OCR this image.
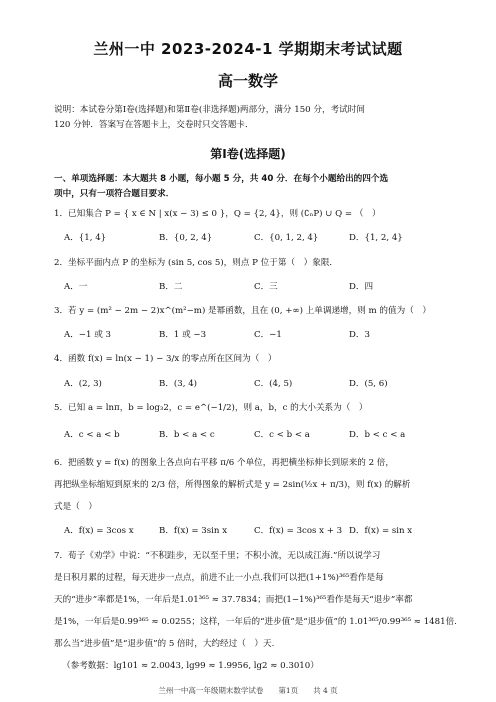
兰州一中 2023-2024-1 学期期末考试试题
高一数学
说明：本试卷分第Ⅰ卷(选择题)和第Ⅱ卷(非选择题)两部分，满分 150 分，考试时间
120 分钟．答案写在答题卡上，交卷时只交答题卡．
第Ⅰ卷(选择题)
一、单项选择题：本大题共 8 小题，每小题 5 分，共 40 分．在每个小题给出的四个选
项中，只有一项符合题目要求．
1．已知集合 P = { x ∈ N | x(x − 3) ≤ 0 }，Q = {2, 4}，则 (∁ₙP) ∪ Q = （　）
A．{1, 4}	B．{0, 2, 4}	C．{0, 1, 2, 4}	D．{1, 2, 4}
2．坐标平面内点 P 的坐标为 (sin 5, cos 5)，则点 P 位于第（　）象限．
A．一	B．二	C．三	D．四
3．若 y = (m² − 2m − 2)x^(m²−m) 是幂函数，且在 (0, +∞) 上单调递增，则 m 的值为（　）
A．−1 或 3	B．1 或 −3	C．−1	D．3
4．函数 f(x) = ln(x − 1) − 3/x 的零点所在区间为（　）
A．(2, 3)	B．(3, 4)	C．(4, 5)	D．(5, 6)
5．已知 a = lnπ，b = log₃2，c = e^(−1/2)，则 a，b，c 的大小关系为（　）
A．c < a < b	B．b < a < c	C．c < b < a	D．b < c < a
6．把函数 y = f(x) 的图象上各点向右平移 π/6 个单位，再把横坐标伸长到原来的 2 倍，
再把纵坐标缩短到原来的 2/3 倍，所得图象的解析式是 y = 2sin(½x + π/3)，则 f(x) 的解析
式是（　）
A．f(x) = 3cos x	B．f(x) = 3sin x	C．f(x) = 3cos x + 3 D．f(x) = sin x
7．荀子《劝学》中说：“不积跬步，无以至千里；不积小流，无以成江海.”所以说学习
是日积月累的过程，每天进步一点点，前进不止一小点.我们可以把(1+1%)³⁶⁵看作是每
天的“进步”率都是1%，一年后是1.01³⁶⁵ ≈ 37.7834；而把(1−1%)³⁶⁵看作是每天“退步”率都
是1%，一年后是0.99³⁶⁵ ≈ 0.0255；这样，一年后的“进步值”是“退步值”的 1.01³⁶⁵/0.99³⁶⁵ ≈ 1481倍.
那么当“进步值”是“退步值”的 5 倍时，大约经过（　）天.
（参考数据：lg101 ≈ 2.0043, lg99 ≈ 1.9956, lg2 ≈ 0.3010）
兰州一中高一年级期末数学试卷　　第1页　　共 4 页
